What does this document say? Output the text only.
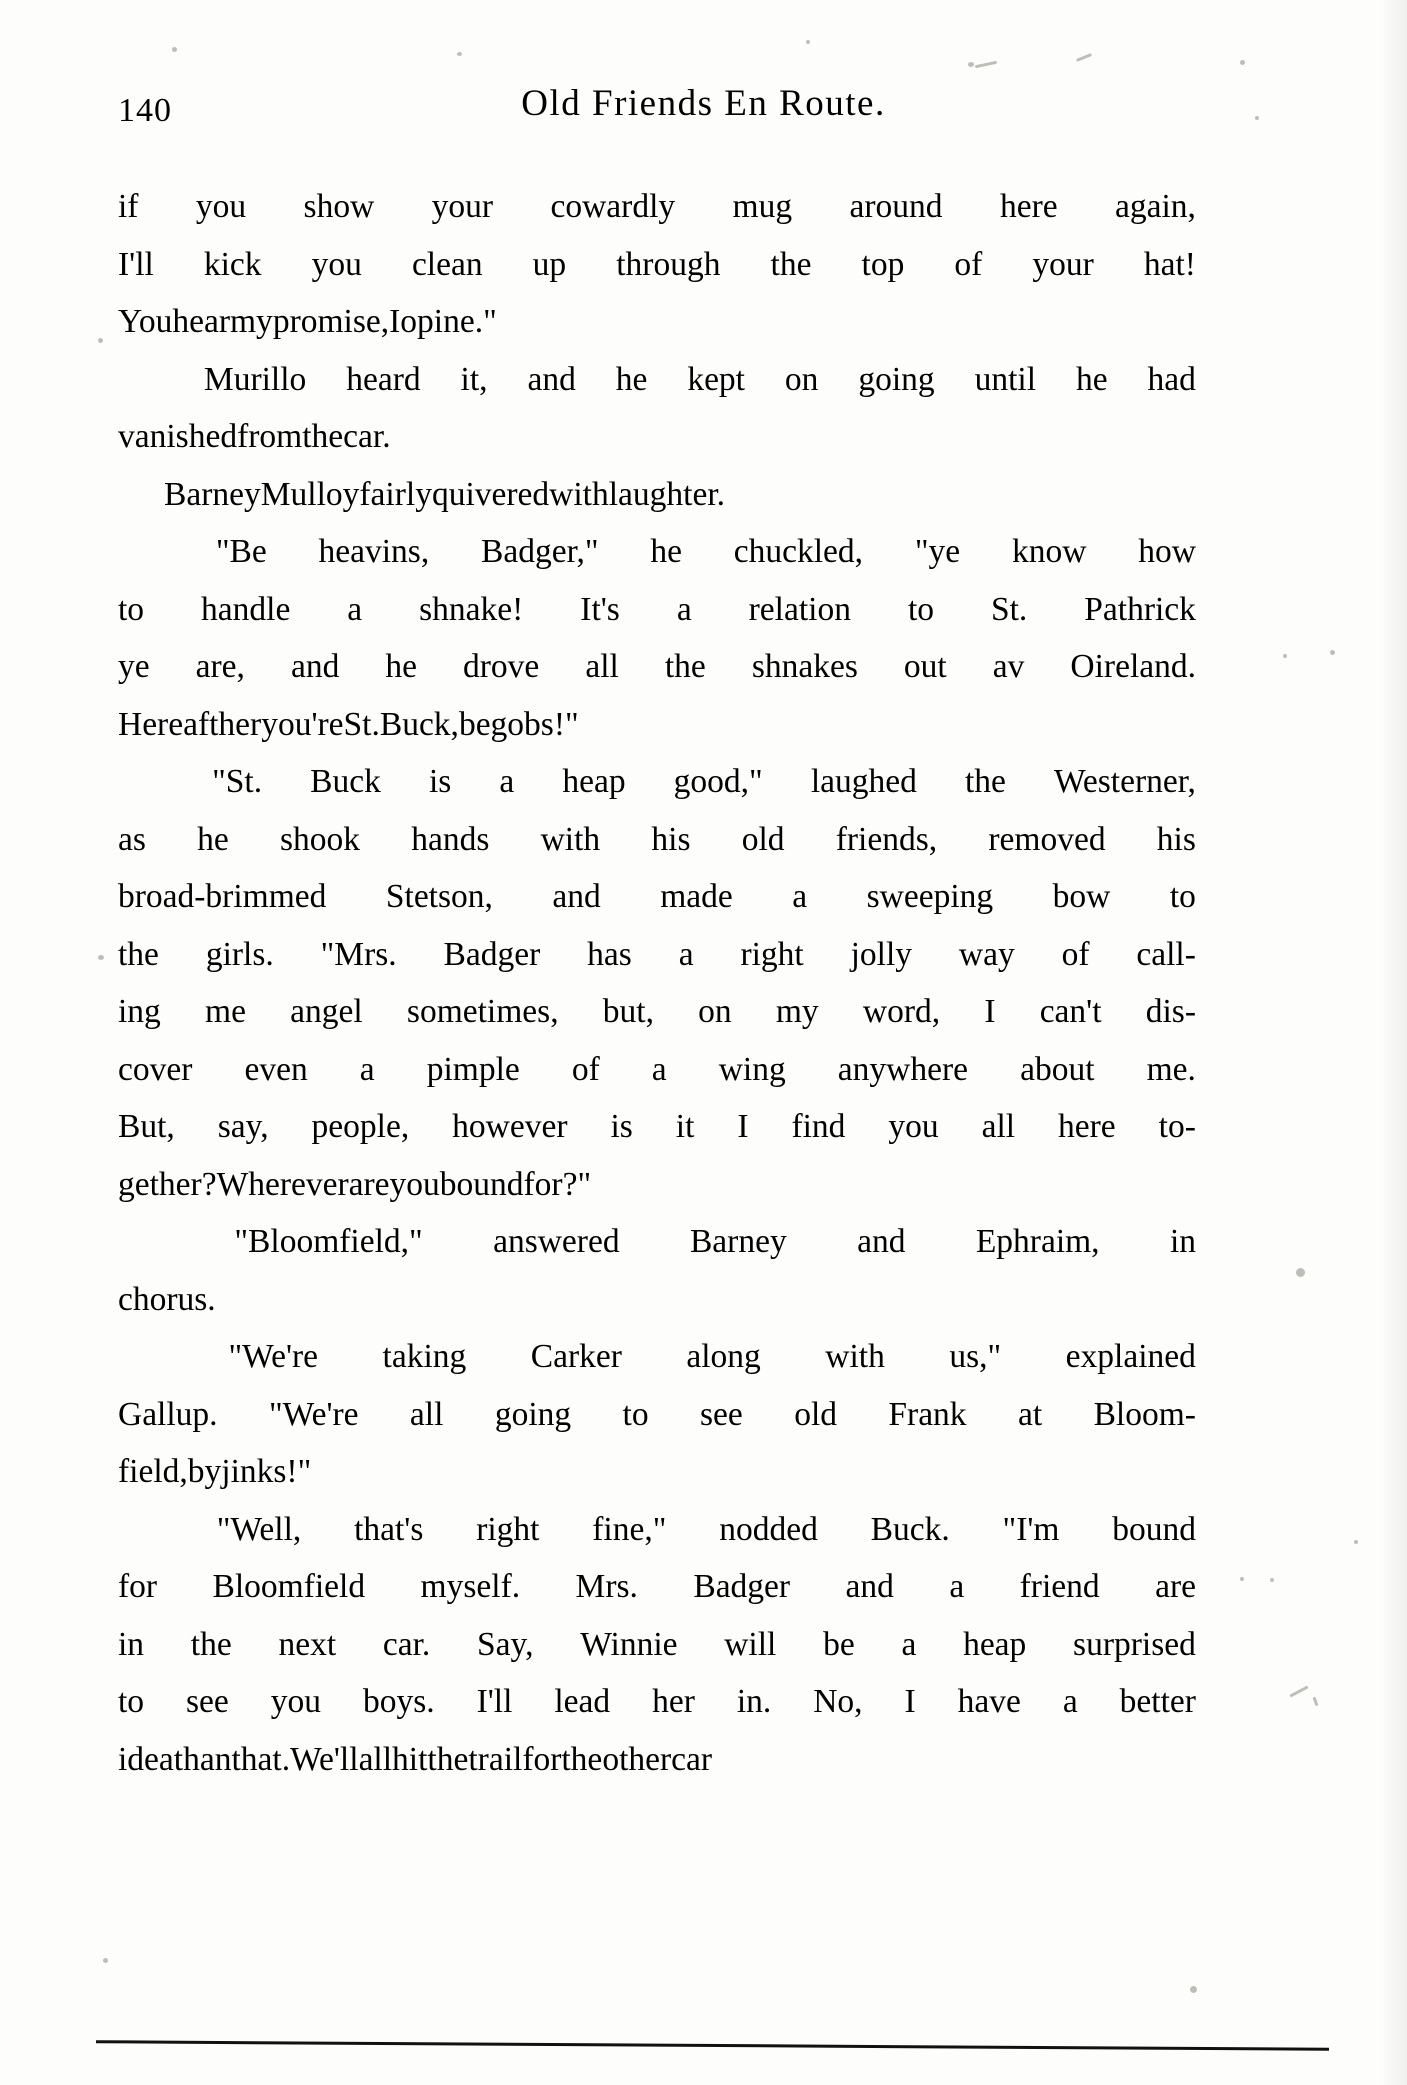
140	Old Friends En Route.

if you show your cowardly mug around here again,
I'll kick you clean up through the top of your hat!
You hear my promise, I opine."

Murillo heard it, and he kept on going until he had
vanished from the car.

Barney Mulloy fairly quivered with laughter.

"Be heavins, Badger," he chuckled, "ye know how
to handle a shnake! It's a relation to St. Pathrick
ye are, and he drove all the shnakes out av Oireland.
Hereafther you're St. Buck, begobs!"

"St. Buck is a heap good," laughed the Westerner,
as he shook hands with his old friends, removed his
broad-brimmed Stetson, and made a sweeping bow to
the girls. "Mrs. Badger has a right jolly way of call-
ing me angel sometimes, but, on my word, I can't dis-
cover even a pimple of a wing anywhere about me.
But, say, people, however is it I find you all here to-
gether? Wherever are you bound for?"

"Bloomfield," answered Barney and Ephraim, in
chorus.

"We're taking Carker along with us," explained
Gallup. "We're all going to see old Frank at Bloom-
field, by jinks!"

"Well, that's right fine," nodded Buck. "I'm bound
for Bloomfield myself. Mrs. Badger and a friend are
in the next car. Say, Winnie will be a heap surprised
to see you boys. I'll lead her in. No, I have a better
idea than that. We'll all hit the trail for the other car
